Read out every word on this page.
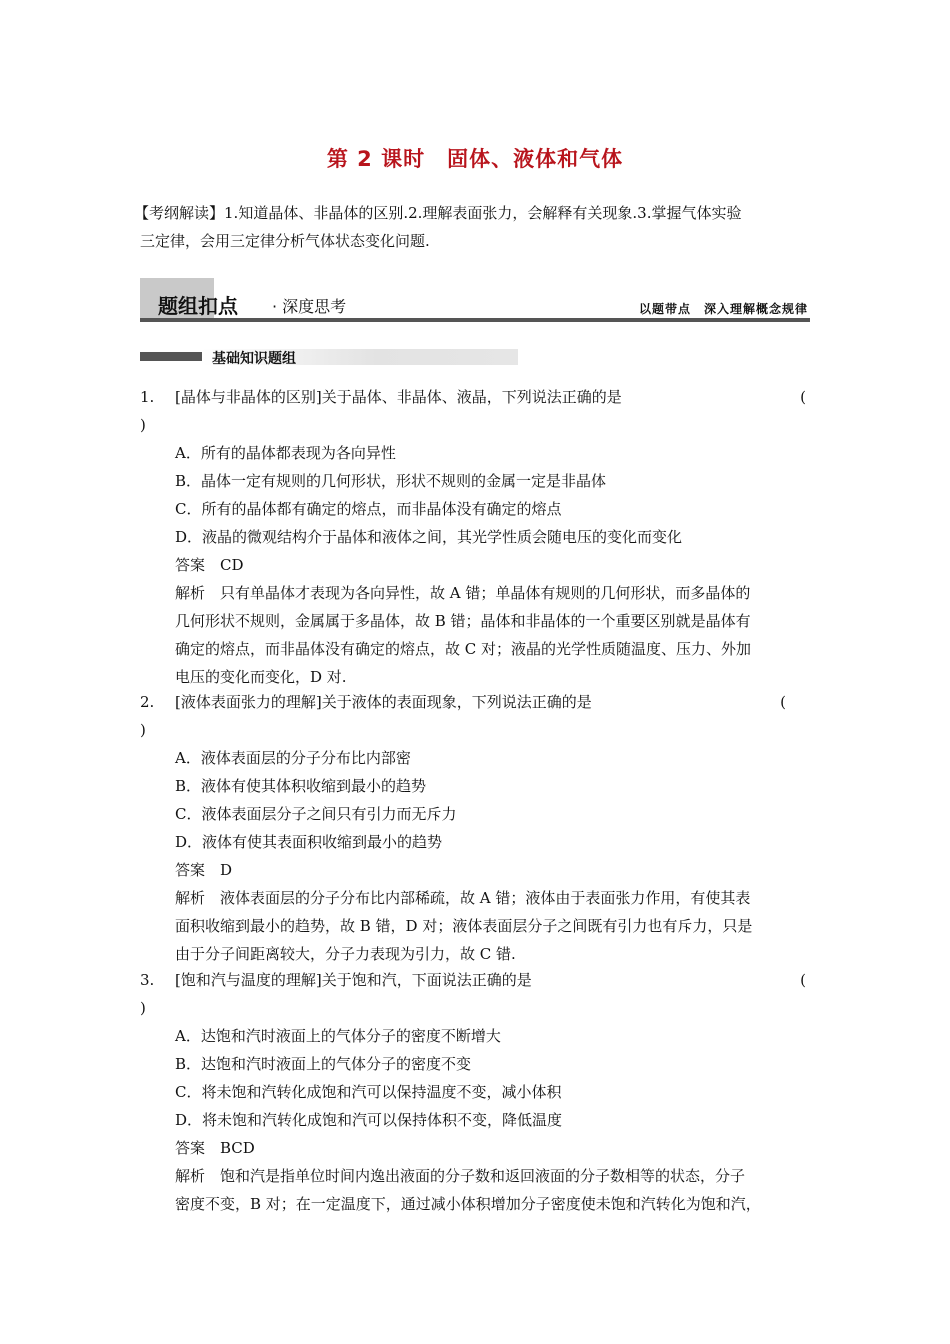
第 2 课时 固体、液体和气体
【考纲解读】1.知道晶体、非晶体的区别.2.理解表面张力，会解释有关现象.3.掌握气体实验
三定律，会用三定律分析气体状态变化问题.
题组扣点 · 深度思考	以题带点　深入理解概念规律
基础知识题组
1. [晶体与非晶体的区别]关于晶体、非晶体、液晶，下列说法正确的是	(
)
A．所有的晶体都表现为各向异性
B．晶体一定有规则的几何形状，形状不规则的金属一定是非晶体
C．所有的晶体都有确定的熔点，而非晶体没有确定的熔点
D．液晶的微观结构介于晶体和液体之间，其光学性质会随电压的变化而变化
答案　CD
解析　只有单晶体才表现为各向异性，故 A 错；单晶体有规则的几何形状，而多晶体的
几何形状不规则，金属属于多晶体，故 B 错；晶体和非晶体的一个重要区别就是晶体有
确定的熔点，而非晶体没有确定的熔点，故 C 对；液晶的光学性质随温度、压力、外加
电压的变化而变化，D 对.
2. [液体表面张力的理解]关于液体的表面现象，下列说法正确的是	(
)
A．液体表面层的分子分布比内部密
B．液体有使其体积收缩到最小的趋势
C．液体表面层分子之间只有引力而无斥力
D．液体有使其表面积收缩到最小的趋势
答案　D
解析　液体表面层的分子分布比内部稀疏，故 A 错；液体由于表面张力作用，有使其表
面积收缩到最小的趋势，故 B 错，D 对；液体表面层分子之间既有引力也有斥力，只是
由于分子间距离较大，分子力表现为引力，故 C 错.
3. [饱和汽与温度的理解]关于饱和汽，下面说法正确的是	(
)
A．达饱和汽时液面上的气体分子的密度不断增大
B．达饱和汽时液面上的气体分子的密度不变
C．将未饱和汽转化成饱和汽可以保持温度不变，减小体积
D．将未饱和汽转化成饱和汽可以保持体积不变，降低温度
答案　BCD
解析　饱和汽是指单位时间内逸出液面的分子数和返回液面的分子数相等的状态，分子
密度不变，B 对；在一定温度下，通过减小体积增加分子密度使未饱和汽转化为饱和汽，
